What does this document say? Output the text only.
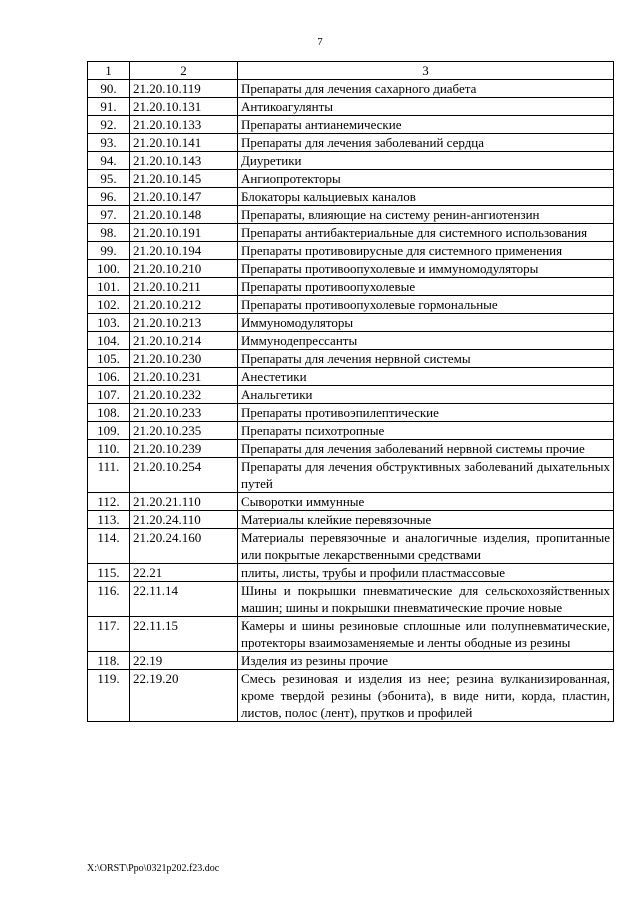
7
1	2	3
90.	21.20.10.119	Препараты для лечения сахарного диабета
91.	21.20.10.131	Антикоагулянты
92.	21.20.10.133	Препараты антианемические
93.	21.20.10.141	Препараты для лечения заболеваний сердца
94.	21.20.10.143	Диуретики
95.	21.20.10.145	Ангиопротекторы
96.	21.20.10.147	Блокаторы кальциевых каналов
97.	21.20.10.148	Препараты, влияющие на систему ренин-ангиотензин
98.	21.20.10.191	Препараты антибактериальные для системного использования
99.	21.20.10.194	Препараты противовирусные для системного применения
100.	21.20.10.210	Препараты противоопухолевые и иммуномодуляторы
101.	21.20.10.211	Препараты противоопухолевые
102.	21.20.10.212	Препараты противоопухолевые гормональные
103.	21.20.10.213	Иммуномодуляторы
104.	21.20.10.214	Иммунодепрессанты
105.	21.20.10.230	Препараты для лечения нервной системы
106.	21.20.10.231	Анестетики
107.	21.20.10.232	Анальгетики
108.	21.20.10.233	Препараты противоэпилептические
109.	21.20.10.235	Препараты психотропные
110.	21.20.10.239	Препараты для лечения заболеваний нервной системы прочие
111.	21.20.10.254	Препараты для лечения обструктивных заболеваний дыхательных путей
112.	21.20.21.110	Сыворотки иммунные
113.	21.20.24.110	Материалы клейкие перевязочные
114.	21.20.24.160	Материалы перевязочные и аналогичные изделия, пропитанные или покрытые лекарственными средствами
115.	22.21	плиты, листы, трубы и профили пластмассовые
116.	22.11.14	Шины и покрышки пневматические для сельскохозяйственных машин; шины и покрышки пневматические прочие новые
117.	22.11.15	Камеры и шины резиновые сплошные или полупневматические, протекторы взаимозаменяемые и ленты ободные из резины
118.	22.19	Изделия из резины прочие
119.	22.19.20	Смесь резиновая и изделия из нее; резина вулканизированная, кроме твердой резины (эбонита), в виде нити, корда, пластин, листов, полос (лент), прутков и профилей
X:\ORST\Ppo\0321p202.f23.doc
